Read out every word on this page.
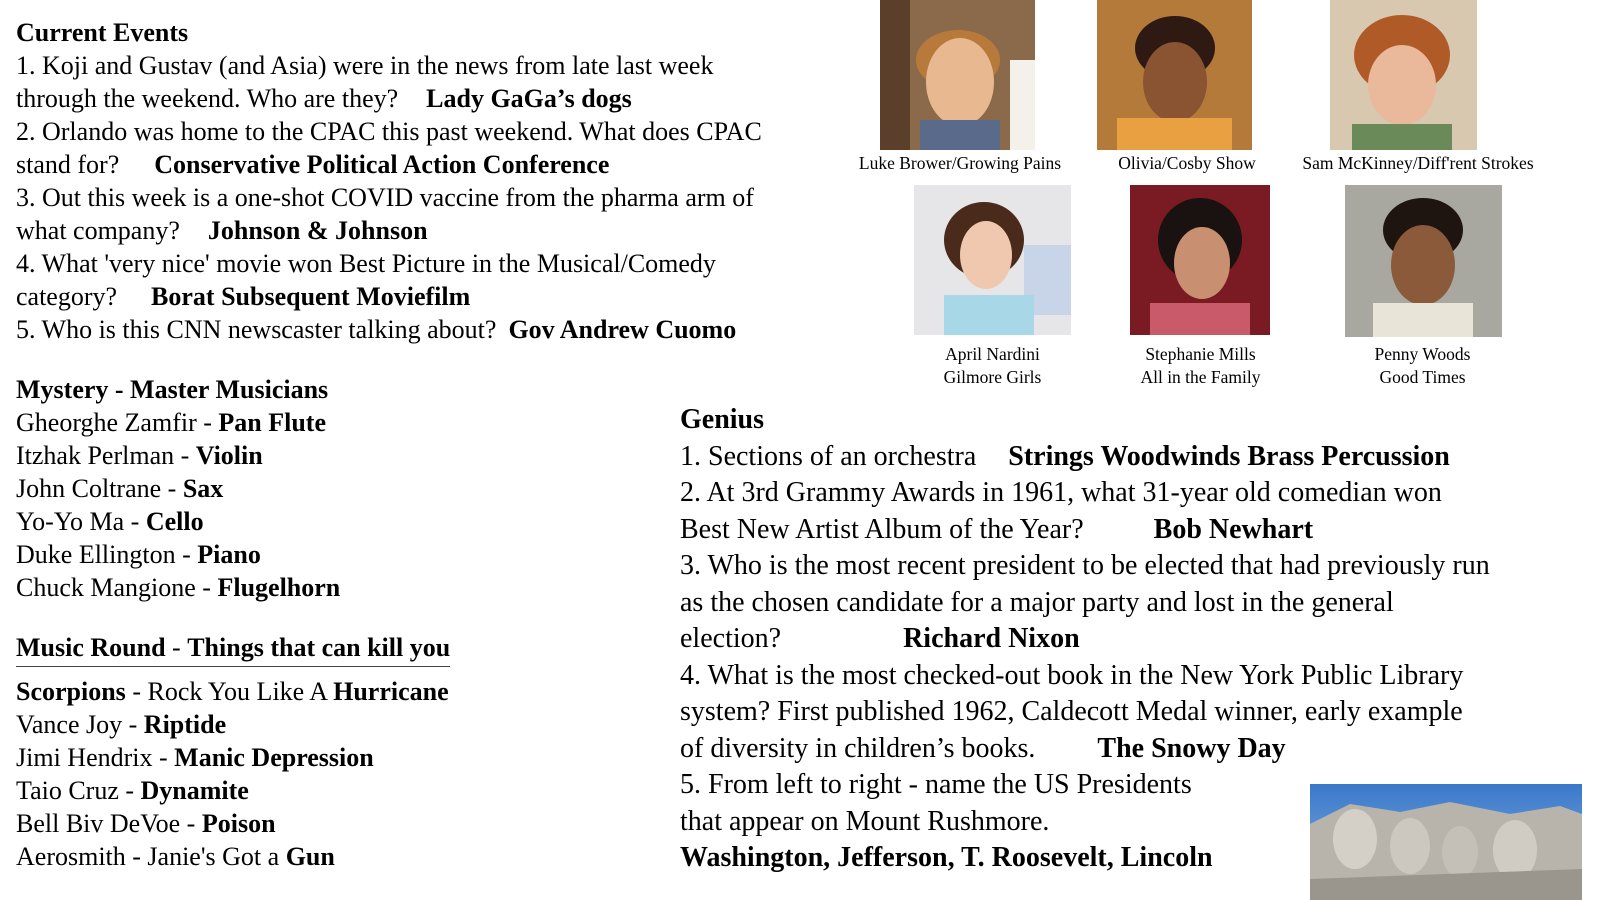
Current Events
1. Koji and Gustav (and Asia) were in the news from late last week
through the weekend. Who are they? Lady GaGa’s dogs
2. Orlando was home to the CPAC this past weekend. What does CPAC
stand for? Conservative Political Action Conference
3. Out this week is a one-shot COVID vaccine from the pharma arm of
what company? Johnson & Johnson
4. What 'very nice' movie won Best Picture in the Musical/Comedy
category? Borat Subsequent Moviefilm
5. Who is this CNN newscaster talking about? Gov Andrew Cuomo
Mystery - Master Musicians
Gheorghe Zamfir - Pan Flute
Itzhak Perlman - Violin
John Coltrane - Sax
Yo-Yo Ma - Cello
Duke Ellington - Piano
Chuck Mangione - Flugelhorn
Music Round - Things that can kill you
Scorpions - Rock You Like A Hurricane
Vance Joy - Riptide
Jimi Hendrix - Manic Depression
Taio Cruz - Dynamite
Bell Biv DeVoe - Poison
Aerosmith - Janie's Got a Gun
Genius
1. Sections of an orchestra Strings Woodwinds Brass Percussion
2. At 3rd Grammy Awards in 1961, what 31-year old comedian won
Best New Artist Album of the Year?	Bob Newhart
3. Who is the most recent president to be elected that had previously run
as the chosen candidate for a major party and lost in the general
election?	Richard Nixon
4. What is the most checked-out book in the New York Public Library
system? First published 1962, Caldecott Medal winner, early example
of diversity in children’s books. The Snowy Day
5. From left to right - name the US Presidents
that appear on Mount Rushmore.
Washington, Jefferson, T. Roosevelt, Lincoln
Luke Brower/Growing Pains	Olivia/Cosby Show	Sam McKinney/Diff'rent Strokes
April Nardini
Gilmore Girls
Stephanie Mills
All in the Family
Penny Woods
Good Times
